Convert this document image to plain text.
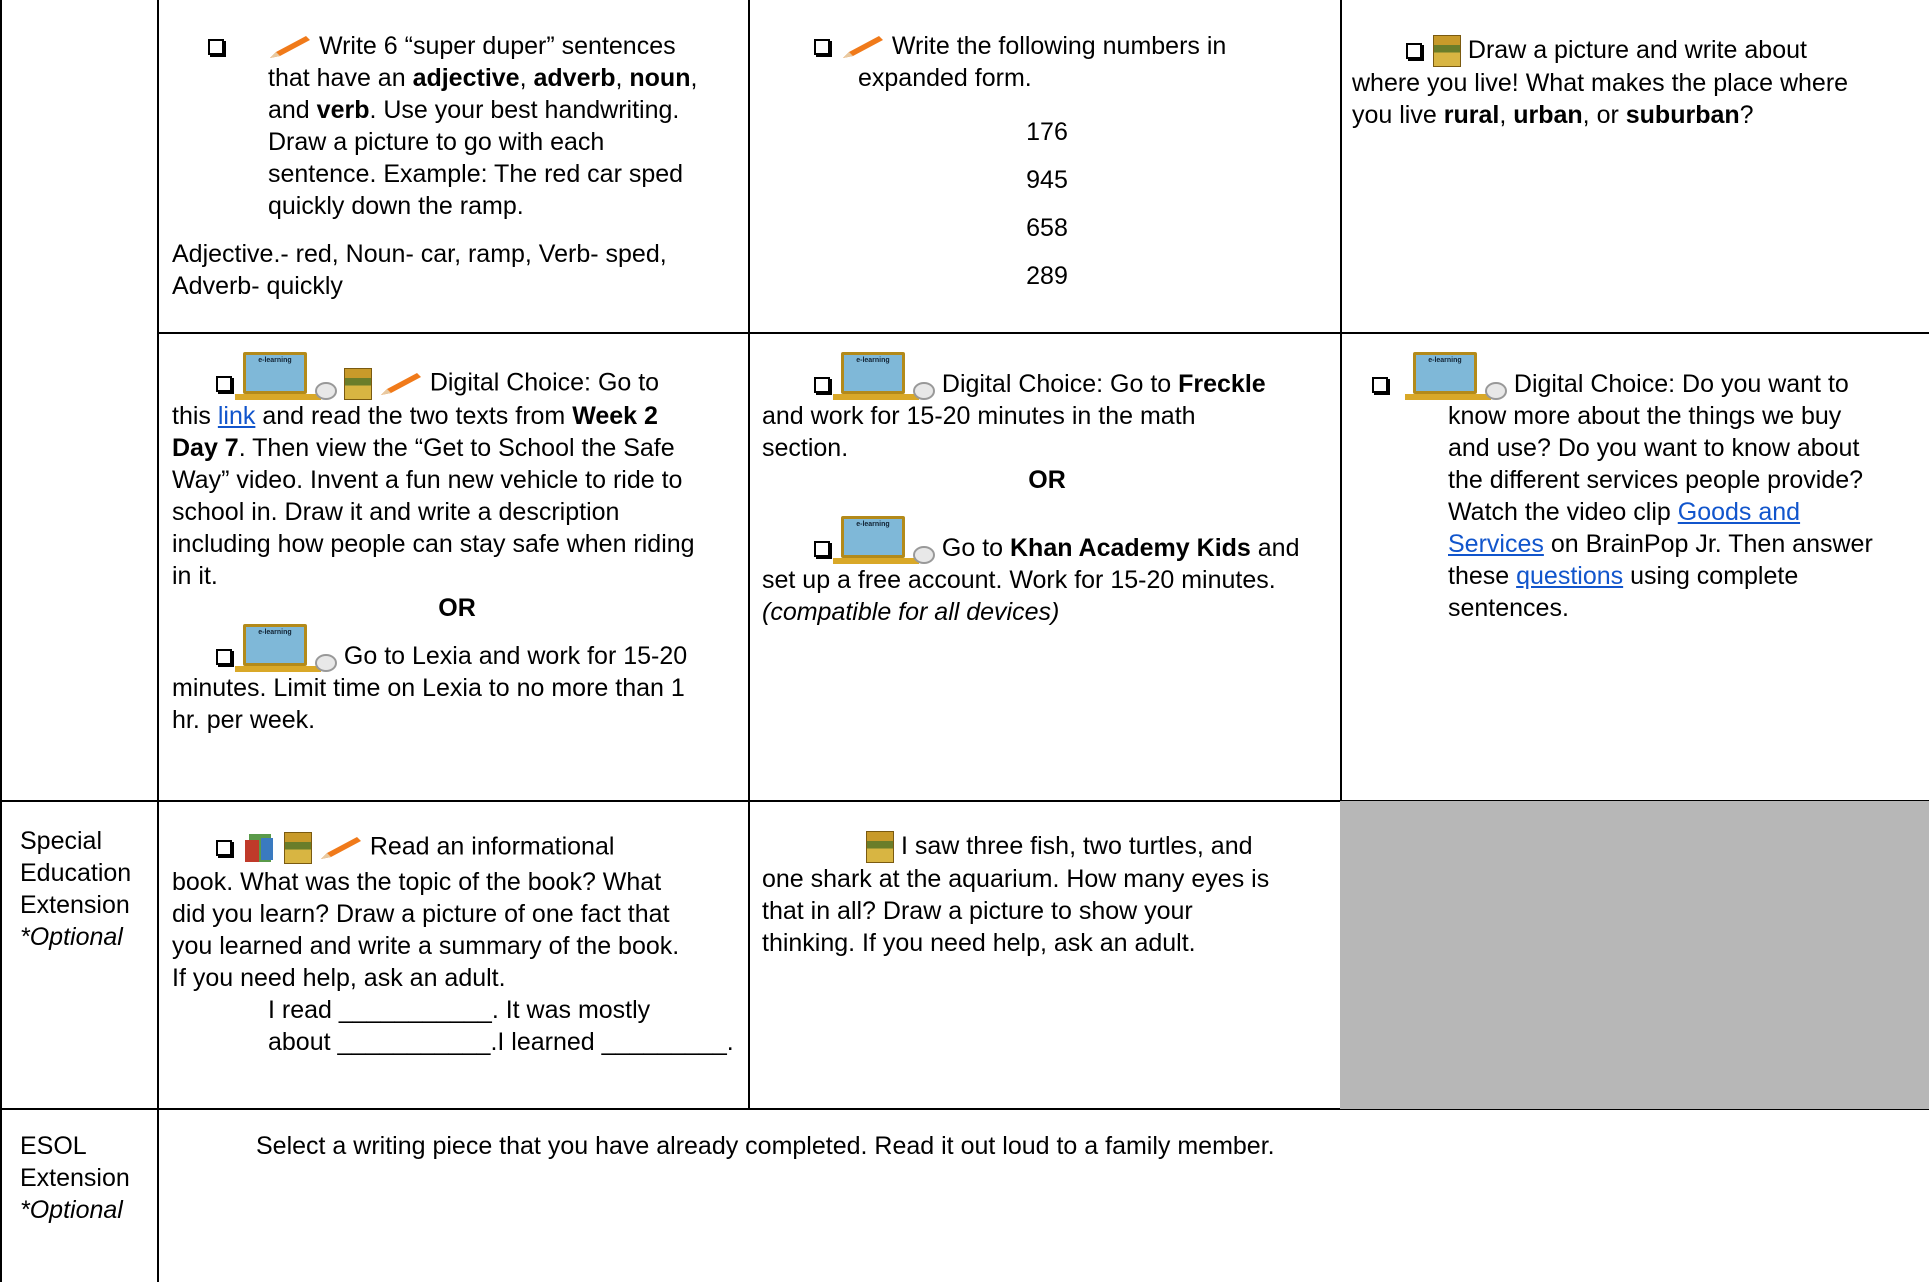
Write 6 “super duper” sentences
that have an adjective, adverb, noun,
and verb. Use your best handwriting.
Draw a picture to go with each
sentence. Example: The red car sped
quickly down the ramp.
Adjective.- red, Noun- car, ramp, Verb- sped,
Adverb- quickly
Write the following numbers in
expanded form.
176
945
658
289
Draw a picture and write about
where you live! What makes the place where
you live rural, urban, or suburban?

e-learning
Digital Choice: Go to
this link and read the two texts from Week 2
Day 7. Then view the “Get to School the Safe
Way” video. Invent a fun new vehicle to ride to
school in. Draw it and write a description
including how people can stay safe when riding
in it.
OR

e-learning
Go to Lexia and work for 15-20
minutes. Limit time on Lexia to no more than 1
hr. per week.

e-learning
Digital Choice: Go to Freckle
and work for 15-20 minutes in the math
section.
OR

e-learning
Go to Khan Academy Kids and
set up a free account. Work for 15-20 minutes.
(compatible for all devices)

e-learning
Digital Choice: Do you want to
know more about the things we buy
and use? Do you want to know about
the different services people provide?
Watch the video clip Goods and
Services on BrainPop Jr. Then answer
these questions using complete
sentences.
Special
Education
Extension
*Optional
Read an informational
book. What was the topic of the book? What
did you learn? Draw a picture of one fact that
you learned and write a summary of the book.
If you need help, ask an adult.
I read ___________. It was mostly
about ___________.I learned _________.
I saw three fish, two turtles, and
one shark at the aquarium. How many eyes is
that in all? Draw a picture to show your
thinking. If you need help, ask an adult.
ESOL
Extension
*Optional
Select a writing piece that you have already completed. Read it out loud to a family member.
